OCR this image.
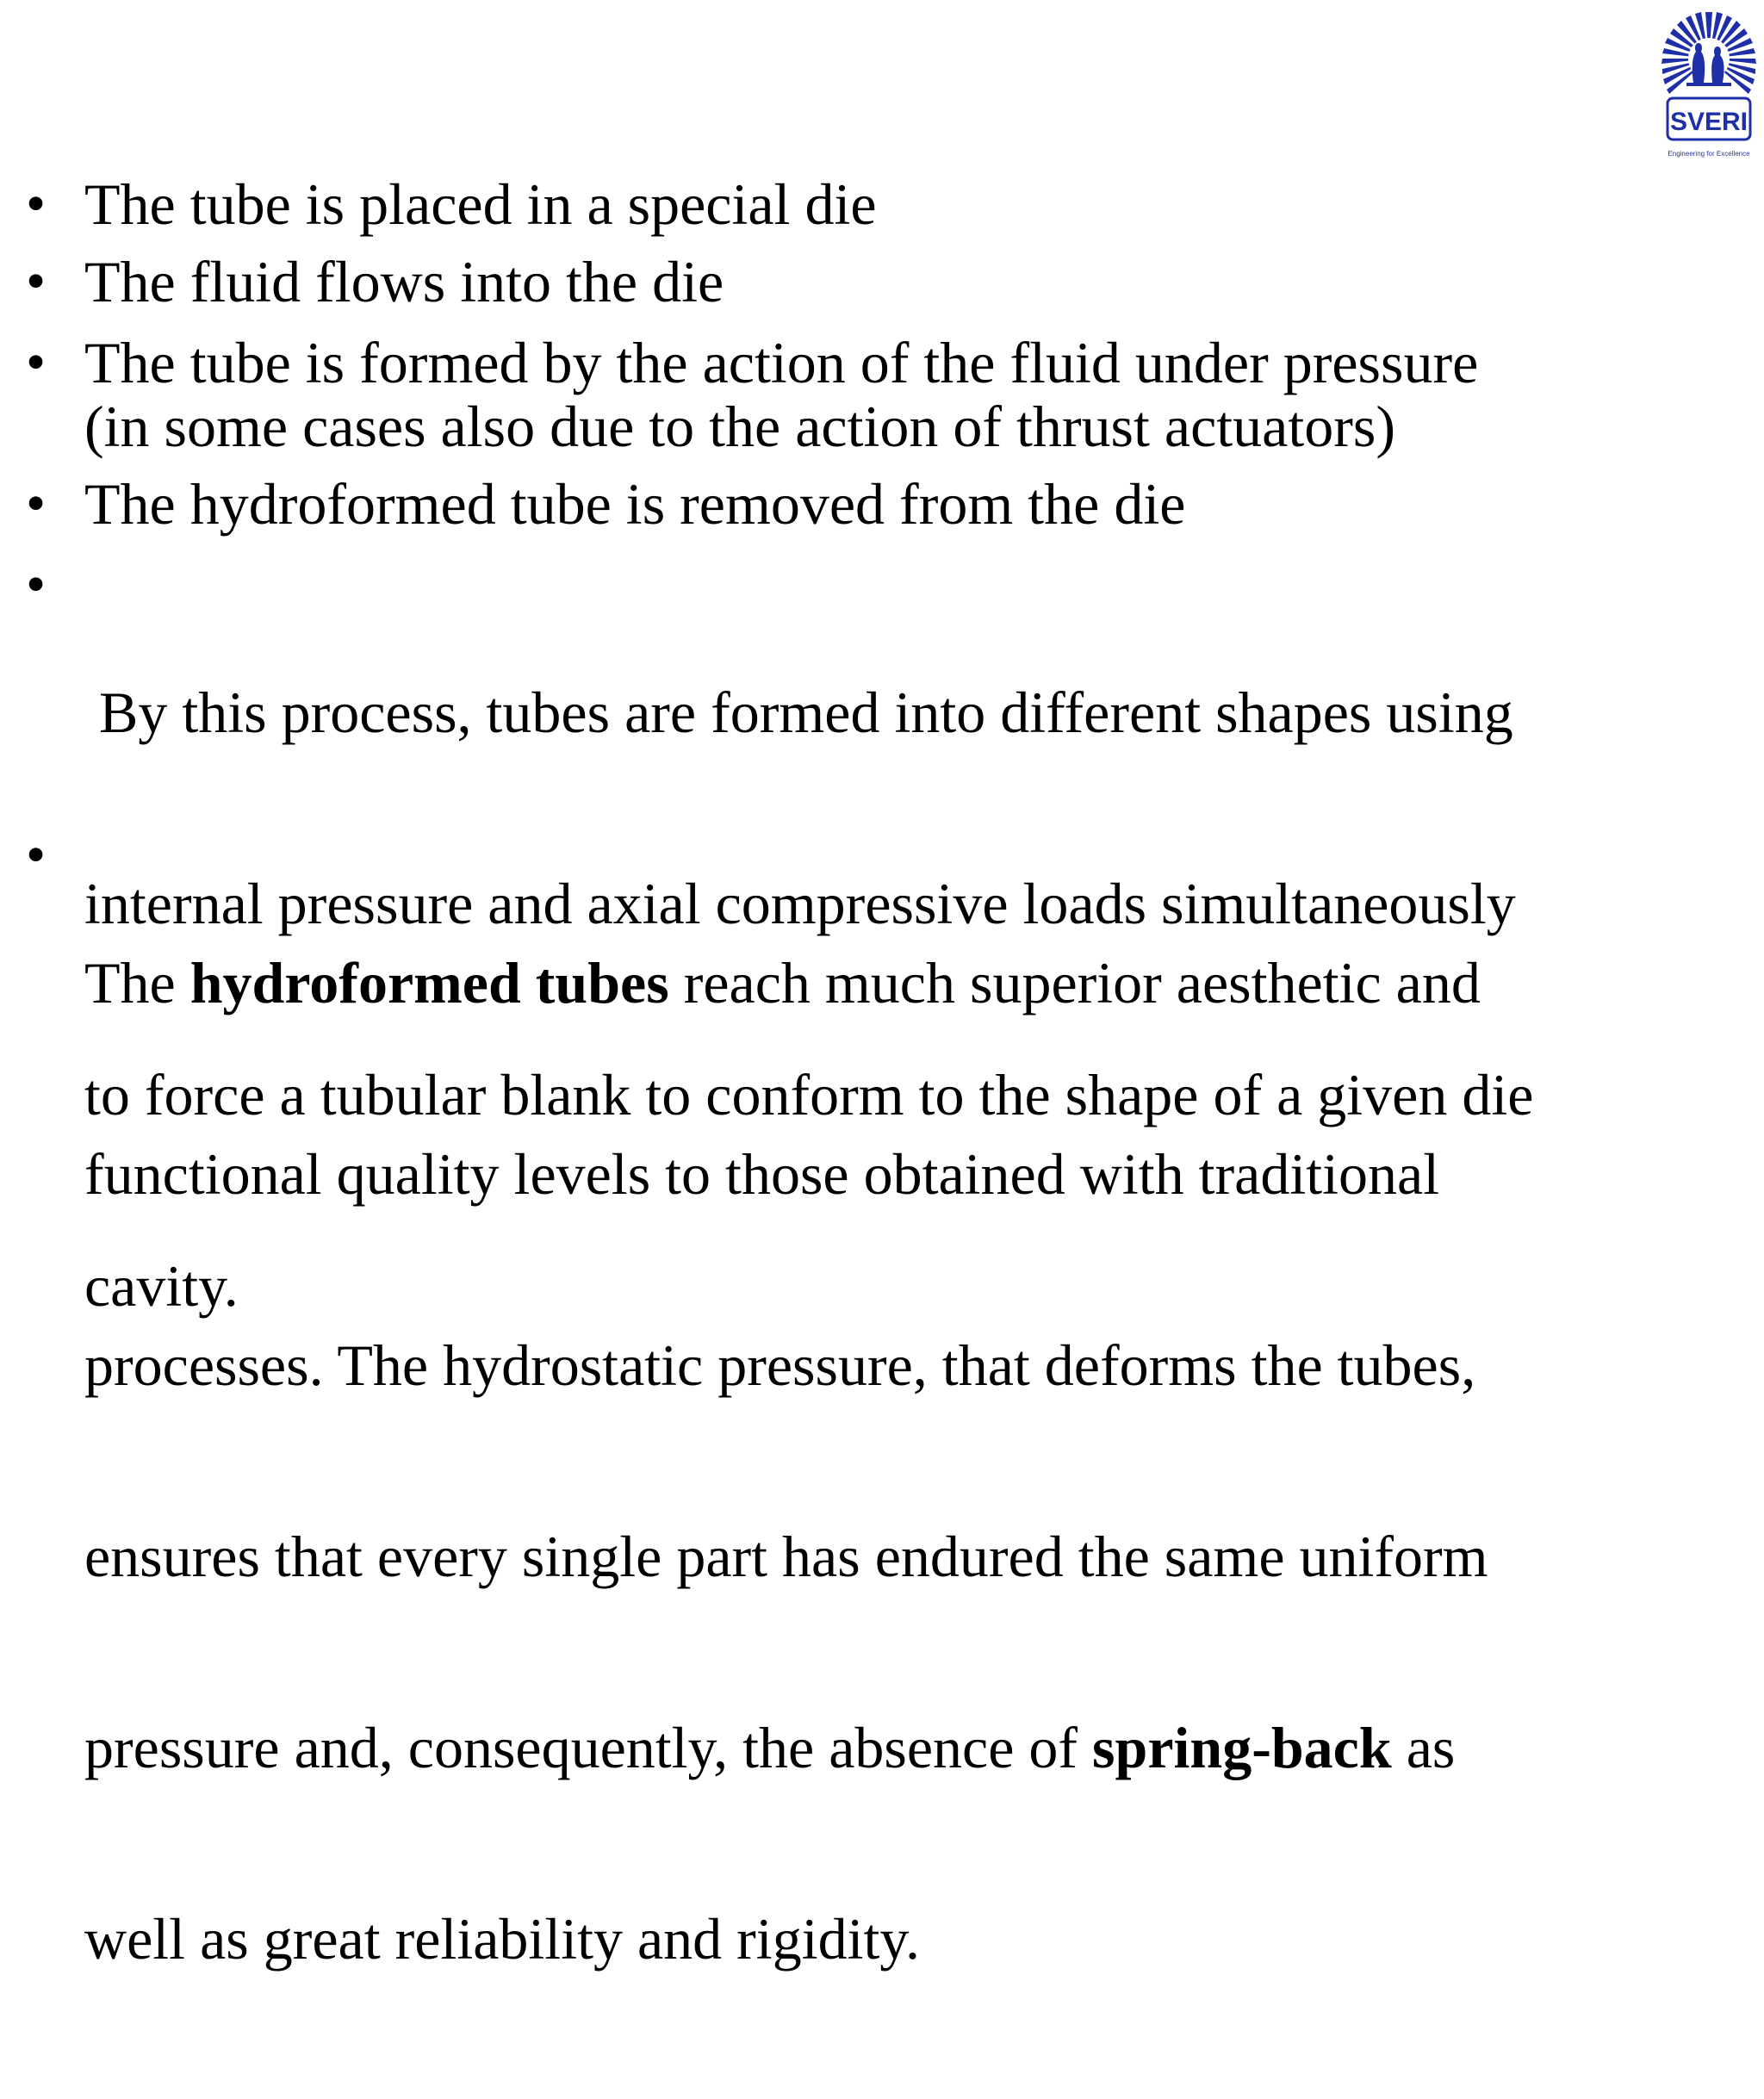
SVERI
Engineering for Excellence
• The tube is placed in a special die
• The fluid flows into the die
• The tube is formed by the action of the fluid under pressure
(in some cases also due to the action of thrust actuators)
• The hydroformed tube is removed from the die
•

By this process, tubes are formed into different shapes using

internal pressure and axial compressive loads simultaneously

to force a tubular blank to conform to the shape of a given die

cavity.

•

The hydroformed tubes reach much superior aesthetic and

functional quality levels to those obtained with traditional

processes. The hydrostatic pressure, that deforms the tubes,

ensures that every single part has endured the same uniform

pressure and, consequently, the absence of spring-back as

well as great reliability and rigidity.
